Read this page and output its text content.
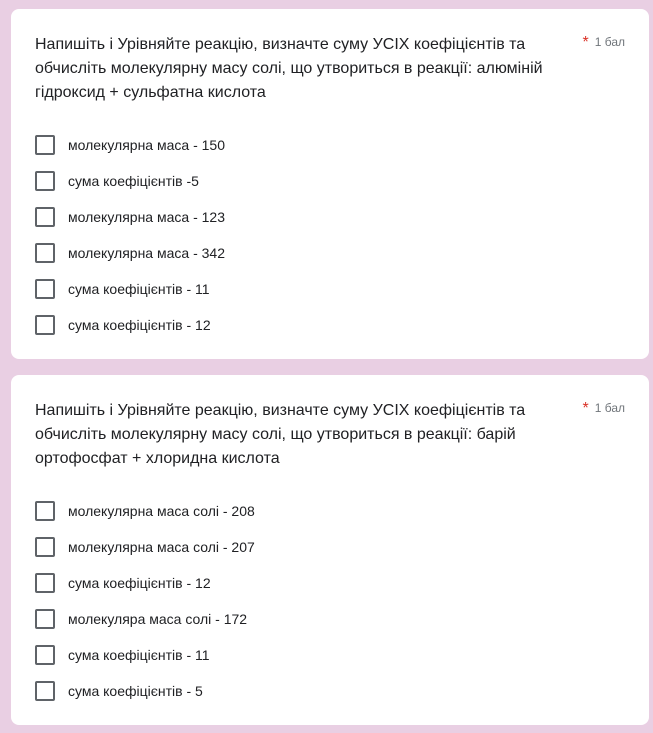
Напишіть і Урівняйте реакцію, визначте суму УСІХ коефіцієнтів та обчисліть молекулярну масу солі, що утвориться в реакції: алюміній гідроксид + сульфатна кислота

* 1 бал
молекулярна маса - 150
сума коефіцієнтів -5
молекулярна маса - 123
молекулярна маса - 342
сума коефіцієнтів - 11
сума коефіцієнтів - 12

Напишіть і Урівняйте реакцію, визначте суму УСІХ коефіцієнтів та обчисліть молекулярну масу солі, що утвориться в реакції: барій ортофосфат + хлоридна кислота

* 1 бал
молекулярна маса солі - 208
молекулярна маса солі - 207
сума коефіцієнтів - 12
молекуляра маса солі - 172
сума коефіцієнтів - 11
сума коефіцієнтів - 5
